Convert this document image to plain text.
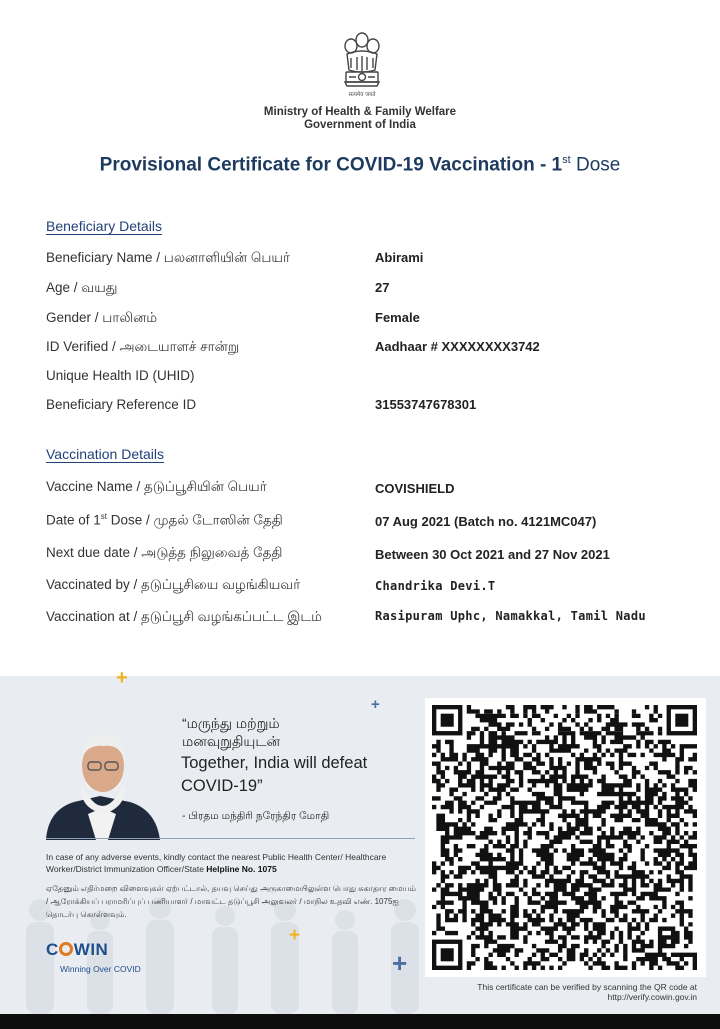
सत्यमेव जयते
Ministry of Health & Family Welfare
Government of India
Provisional Certificate for COVID-19 Vaccination - 1st Dose
Beneficiary Details
Beneficiary Name / பலனாளியின் பெயர்	Abirami
Age / வயது	27
Gender / பாலினம்	Female
ID Verified / அடையாளச் சான்று	Aadhaar # XXXXXXXX3742
Unique Health ID (UHID)
Beneficiary Reference ID	31553747678301
Vaccination Details
Vaccine Name / தடுப்பூசியின் பெயர்	COVISHIELD
Date of 1st Dose / முதல் டோஸின் தேதி	07 Aug 2021 (Batch no. 4121MC047)
Next due date / அடுத்த நிலுவைத் தேதி	Between 30 Oct 2021 and 27 Nov 2021
Vaccinated by / தடுப்பூசியை வழங்கியவர்	Chandrika Devi.T
Vaccination at / தடுப்பூசி வழங்கப்பட்ட இடம்	Rasipuram Uphc, Namakkal, Tamil Nadu
+
+
+
+
“மருந்து மற்றும்
மனவுறுதியுடன்
Together, India will defeat
COVID-19”
- பிரதம மந்திரி நரேந்திர மோதி
In case of any adverse events, kindly contact the nearest Public Health Center/ Healthcare Worker/District Immunization Officer/State Helpline No. 1075
ஏதேனும் எதிர்மறை விளைவுகள் ஏற்பட்டால், தயவு செய்து அருகாமையிலுள்ள பொது சுகாதார மையம் / ஆரோக்கியப் பராமரிப்புப் பணியாளர் / மாவட்ட தடுப்பூசி அலுவலர் / மாநில உதவி எண். 1075ஐ தொடர்பு கொள்ளவும்.
C WIN
Winning Over COVID
This certificate can be verified by scanning the QR code at
http://verify.cowin.gov.in
